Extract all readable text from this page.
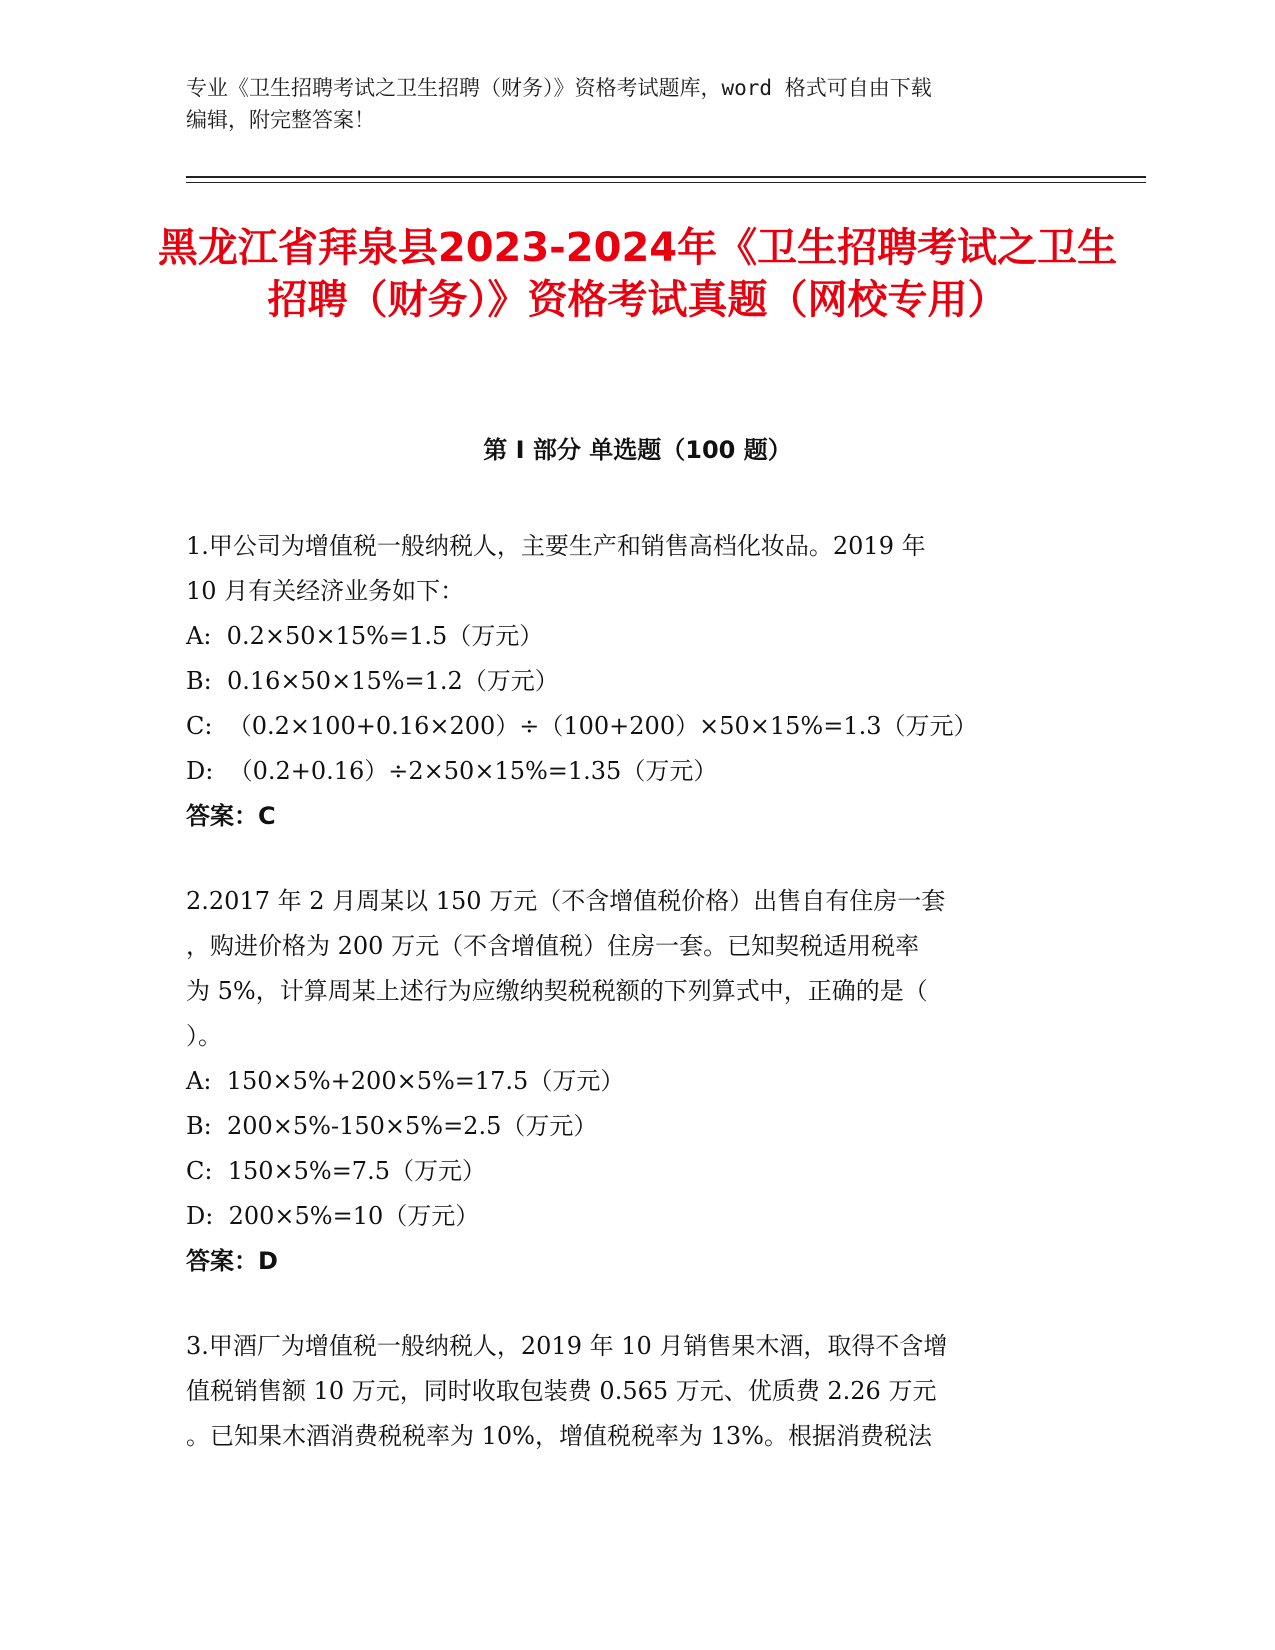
专业《卫生招聘考试之卫生招聘（财务）》资格考试题库，word 格式可自由下载
编辑，附完整答案！
黑龙江省拜泉县2023-2024年《卫生招聘考试之卫生招聘（财务）》资格考试真题（网校专用）
第 I 部分 单选题（100 题）

1.甲公司为增值税一般纳税人，主要生产和销售高档化妆品。2019 年
10 月有关经济业务如下：

A:  0.2×50×15%=1.5（万元）

B:  0.16×50×15%=1.2（万元）

C:  （0.2×100+0.16×200）÷（100+200）×50×15%=1.3（万元）

D:  （0.2+0.16）÷2×50×15%=1.35（万元）

答案：C

2.2017 年 2 月周某以 150 万元（不含增值税价格）出售自有住房一套
，购进价格为 200 万元（不含增值税）住房一套。已知契税适用税率
为 5%，计算周某上述行为应缴纳契税税额的下列算式中，正确的是（
）。

A:  150×5%+200×5%=17.5（万元）

B:  200×5%-150×5%=2.5（万元）

C:  150×5%=7.5（万元）

D:  200×5%=10（万元）

答案：D

3.甲酒厂为增值税一般纳税人，2019 年 10 月销售果木酒，取得不含增
值税销售额 10 万元，同时收取包装费 0.565 万元、优质费 2.26 万元
。已知果木酒消费税税率为 10%，增值税税率为 13%。根据消费税法
